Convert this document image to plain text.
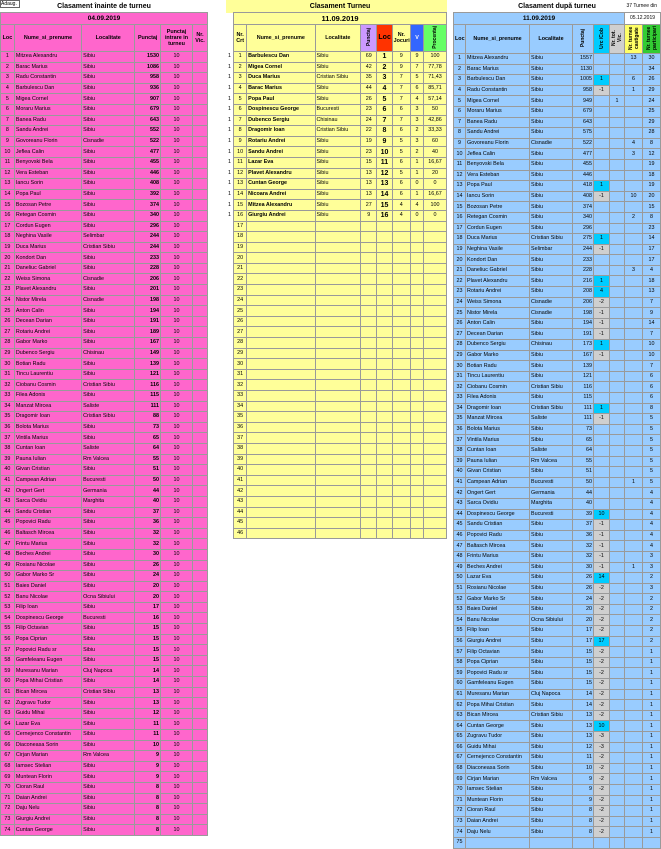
Adaug.	Clasament înainte de turneu					
04.09.2019					
Loc	Nume_si_prenume	Localitate	Punctaj	Punctaj intrare in turneu	Nr. Vic.
1	Mitzea Alexandru	Sibiu	1530	10	
2	Barac Marius	Sibiu	1086	10	
3	Radu Constantin	Sibiu	958	10	
4	Barbulescu Dan	Sibiu	936	10	
5	Migea Cornel	Sibiu	907	10	
6	Moraru Marius	Sibiu	679	10	
7	Banea Radu	Sibiu	643	10	
8	Sandu Andrei	Sibiu	552	10	
9	Govoreanu Florin	Cisnadie	522	10	
10	Jeflea Calin	Sibiu	477	10	
11	Benyovski Bela	Sibiu	455	10	
12	Vera Esteban	Sibiu	446	10	
13	Iancu Sorin	Sibiu	408	10	
14	Popa Paul	Sibiu	392	10	
15	Bozosan Petre	Sibiu	374	10	
16	Retegan Cosmin	Sibiu	340	10	
17	Cordun Eugen	Sibiu	296	10	
18	Neghina Vasile	Selimbar	244	10	
19	Duca Marius	Cristian Sibiu	244	10	
20	Kondort Dan	Sibiu	233	10	
21	Daneliuc Gabriel	Sibiu	228	10	
22	Weiss Simona	Cisnadie	206	10	
23	Plavet Alexandru	Sibiu	201	10	
24	Nistor Mirela	Cisnadie	198	10	
25	Anton Calin	Sibiu	194	10	
26	Decean Darian	Sibiu	191	10	
27	Rotariu Andrei	Sibiu	189	10	
28	Gabor Marko	Sibiu	167	10	
29	Dubenco Sergiu	Chisinau	149	10	
30	Botian Radu	Sibiu	139	10	
31	Tincu Laurentiu	Sibiu	121	10	
32	Ciobanu Cosmin	Cristian Sibiu	116	10	
33	Filea Adonis	Sibiu	115	10	
34	Manzat Mircea	Saliste	111	10	
35	Dragomir Ioan	Cristian Sibiu	88	10	
36	Bolota Marius	Sibiu	73	10	
37	Vintila Marius	Sibiu	65	10	
38	Cuntan Ioan	Saliste	64	10	
39	Pauna Iulian	Rm Valcea	55	10	
40	Givan Cristian	Sibiu	51	10	
41	Campean Adrian	Bucuresti	50	10	
42	Ongert Gert	Germania	44	10	
43	Sarca Ovidiu	Marghita	40	10	
44	Sandu Cristian	Sibiu	37	10	
45	Popovici Radu	Sibiu	36	10	
46	Baltasch Mircea	Sibiu	32	10	
47	Frintu Marius	Sibiu	32	10	
48	Beches Andrei	Sibiu	30	10	
49	Rosianu Nicolae	Sibiu	26	10	
50	Gabor Marko Sr	Sibiu	24	10	
51	Baies Daniel	Sibiu	20	10	
52	Banu Nicolae	Ocna Sibiului	20	10	
53	Filip Ioan	Sibiu	17	10	
54	Dospinescu George	Bucuresti	16	10	
55	Filip Octavian	Sibiu	15	10	
56	Popa Ciprian	Sibiu	15	10	
57	Popovici Radu sr	Sibiu	15	10	
58	Gamfeleanu Eugen	Sibiu	15	10	
59	Muresanu Marian	Cluj Napoca	14	10	
60	Popa Mihai Cristian	Sibiu	14	10	
61	Bican Mircea	Cristian Sibiu	13	10	
62	Zugravu Tudor	Sibiu	13	10	
63	Guidu Mihai	Sibiu	12	10	
64	Lazar Eva	Sibiu	11	10	
65	Cernejenco Constantin	Sibiu	11	10	
66	Diaconeasa Sorin	Sibiu	10	10	
67	Cirjan Marian	Rm Valcea	9	10	
68	Iamsec Stelian	Sibiu	9	10	
69	Muntean Florin	Sibiu	9	10	
70	Cioran Raul	Sibiu	8	10	
71	Daian Andrei	Sibiu	8	10	
72	Daju Nelu	Sibiu	8	10	
73	Giurgiu Andrei	Sibiu	8	10	
74	Cuntan George	Sibiu	8	10	
	Clasament Turneu							
	11.09.2019							
	Nr. Crt	Nume_si_prenume	Localitate	Punctaj	Loc	Nr. Jocuri	V	Procentaj
1	1	Barbulescu Dan	Sibiu	69	1	9	9	100
1	2	Migea Cornel	Sibiu	42	2	9	7	77,78
1	3	Duca Marius	Cristian Sibiu	35	3	7	5	71,43
1	4	Barac Marius	Sibiu	44	4	7	6	85,71
1	5	Popa Paul	Sibiu	26	5	7	4	57,14
1	6	Dospinescu George	Bucuresti	23	6	6	3	50
1	7	Dubenco Sergiu	Chisinau	24	7	7	3	42,86
1	8	Dragomir Ioan	Cristian Sibiu	22	8	6	2	33,33
1	9	Rotariu Andrei	Sibiu	19	9	5	3	60
1	10	Sandu Andrei	Sibiu	23	10	5	2	40
1	11	Lazar Eva	Sibiu	15	11	6	1	16,67
1	12	Plavet Alexandru	Sibiu	13	12	5	1	20
1	13	Cuntan George	Sibiu	13	13	6	0	0
1	14	Nicoara Andrei	Sibiu	13	14	6	1	16,67
1	15	Mitzea Alexandru	Sibiu	27	15	4	4	100
1	16	Giurgiu Andrei	Sibiu	9	16	4	0	0
	17							
	18							
	19							
	20							
	21							
	22							
	23							
	24							
	25							
	26							
	27							
	28							
	29							
	30							
	31							
	32							
	33							
	34							
	35							
	36							
	37							
	38							
	39							
	40							
	41							
	42							
	43							
	44							
	45							
	46							
37 Turnee din
Clasament după turneu							
11.09.2019						05.12.2019	
Loc	Nume_si_prenume	Localitate	Punctaj	Urc /Cob	Nr. tot. Vic.	Nr. turnee castigate	Nr. turnee participari
1	Mitzea Alexandru	Sibiu	1557			13	30
2	Barac Marius	Sibiu	1130				34
3	Barbulescu Dan	Sibiu	1005	1		6	26
4	Radu Constantin	Sibiu	958	-1		1	29
5	Migea Cornel	Sibiu	949		1		24
6	Moraru Marius	Sibiu	679				25
7	Banea Radu	Sibiu	643				29
8	Sandu Andrei	Sibiu	575				28
9	Govoreanu Florin	Cisnadie	522			4	8
10	Jeflea Calin	Sibiu	477			3	12
11	Benyovski Bela	Sibiu	455				19
12	Vera Esteban	Sibiu	446				18
13	Popa Paul	Sibiu	418	1			19
14	Iancu Sorin	Sibiu	408	-1		10	20
15	Bozosan Petre	Sibiu	374				15
16	Retegan Cosmin	Sibiu	340			2	8
17	Cordun Eugen	Sibiu	296				23
18	Duca Marius	Cristian Sibiu	275	1			14
19	Neghina Vasile	Selimbar	244	-1			17
20	Kondort Dan	Sibiu	233				17
21	Daneliuc Gabriel	Sibiu	228			3	4
22	Plavet Alexandru	Sibiu	216	1			18
23	Rotariu Andrei	Sibiu	208	4			13
24	Weiss Simona	Cisnadie	206	-2			7
25	Nistor Mirela	Cisnadie	198	-1			9
26	Anton Calin	Sibiu	194	-1			14
27	Decean Darian	Sibiu	191	-1			7
28	Dubenco Sergiu	Chisinau	173	1			10
29	Gabor Marko	Sibiu	167	-1			10
30	Botian Radu	Sibiu	139				7
31	Tincu Laurentiu	Sibiu	121				6
32	Ciobanu Cosmin	Cristian Sibiu	116				6
33	Filea Adonis	Sibiu	115				6
34	Dragomir Ioan	Cristian Sibiu	111	1			8
35	Manzat Mircea	Saliste	111	-1			5
36	Bolota Marius	Sibiu	73				5
37	Vintila Marius	Sibiu	65				5
38	Cuntan Ioan	Saliste	64				5
39	Pauna Iulian	Rm Valcea	55				5
40	Givan Cristian	Sibiu	51				5
41	Campean Adrian	Bucuresti	50			1	5
42	Ongert Gert	Germania	44				4
43	Sarca Ovidiu	Marghita	40				4
44	Dospinescu George	Bucuresti	39	10			4
45	Sandu Cristian	Sibiu	37	-1			4
46	Popovici Radu	Sibiu	36	-1			4
47	Baltasch Mircea	Sibiu	32	-1			4
48	Frintu Marius	Sibiu	32	-1			3
49	Beches Andrei	Sibiu	30	-1		1	3
50	Lazar Eva	Sibiu	26	14			2
51	Rosianu Nicolae	Sibiu	26	-2			3
52	Gabor Marko Sr	Sibiu	24	-2			2
53	Baies Daniel	Sibiu	20	-2			2
54	Banu Nicolae	Ocna Sibiului	20	-2			2
55	Filip Ioan	Sibiu	17	-2			2
56	Giurgiu Andrei	Sibiu	17	17			2
57	Filip Octavian	Sibiu	15	-2			1
58	Popa Ciprian	Sibiu	15	-2			1
59	Popovici Radu sr	Sibiu	15	-2			1
60	Gamfeleanu Eugen	Sibiu	15	-2			1
61	Muresanu Marian	Cluj Napoca	14	-2			1
62	Popa Mihai Cristian	Sibiu	14	-2			1
63	Bican Mircea	Cristian Sibiu	13	-2			1
64	Cuntan George	Sibiu	13	10			1
65	Zugravu Tudor	Sibiu	13	-3			1
66	Guidu Mihai	Sibiu	12	-3			1
67	Cernejenco Constantin	Sibiu	11	-2			1
68	Diaconeasa Sorin	Sibiu	10	-2			1
69	Cirjan Marian	Rm Valcea	9	-2			1
70	Iamsec Stelian	Sibiu	9	-2			1
71	Muntean Florin	Sibiu	9	-2			1
72	Cioran Raul	Sibiu	8	-2			1
73	Daian Andrei	Sibiu	8	-2			1
74	Daju Nelu	Sibiu	8	-2			1
75							
